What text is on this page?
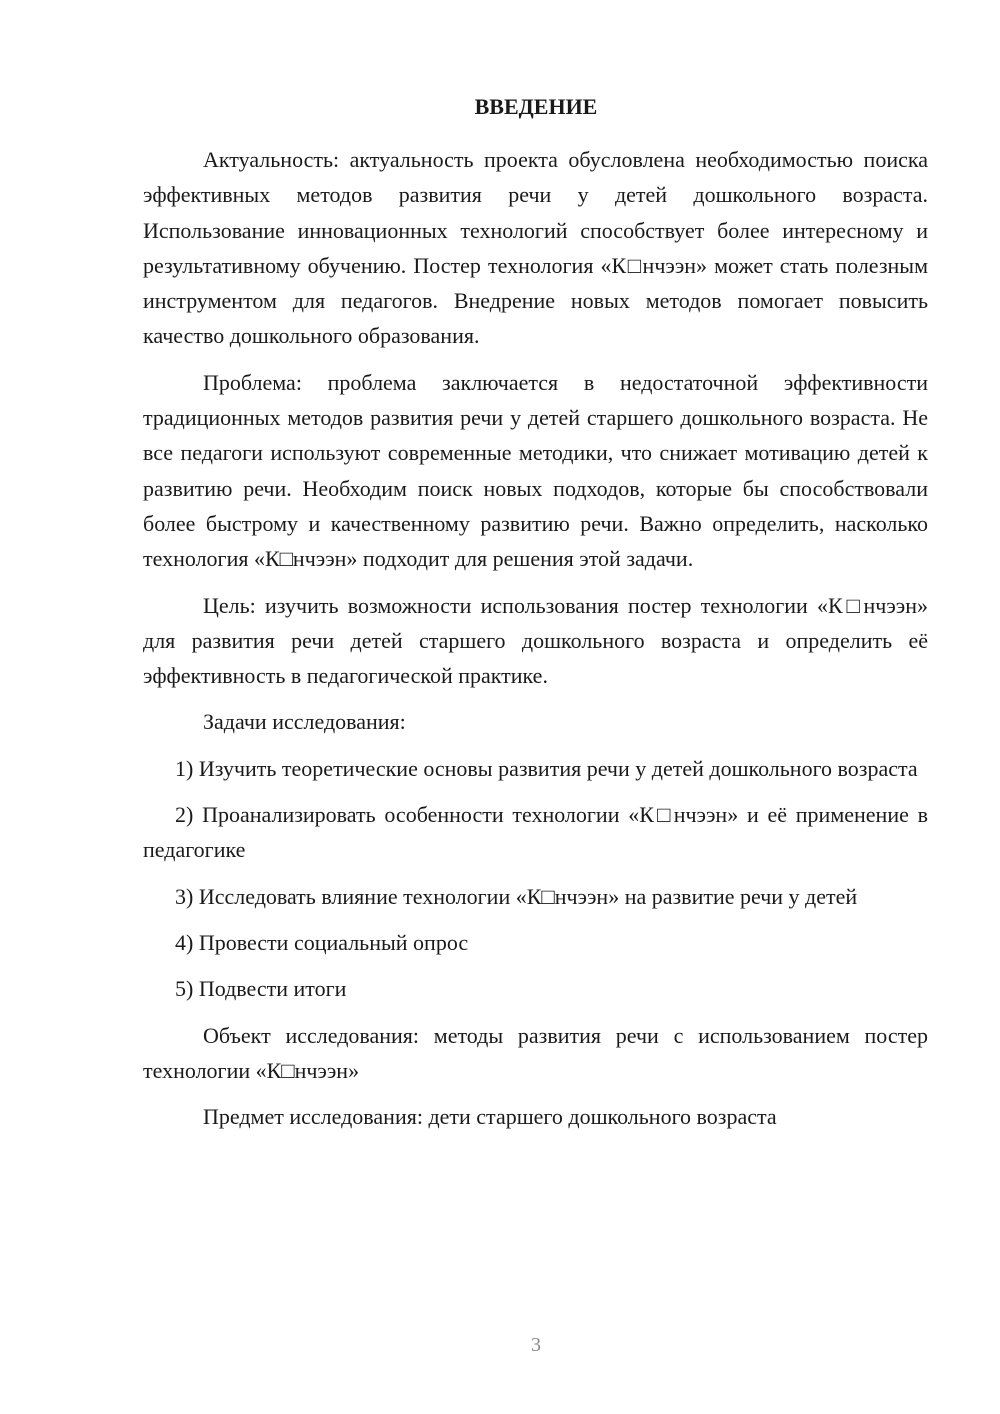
ВВЕДЕНИЕ

Актуальность: актуальность проекта обусловлена необходимостью поиска эффективных методов развития речи у детей дошкольного возраста. Использование инновационных технологий способствует более интересному и результативному обучению. Постер технология «К□нчээн» может стать полезным инструментом для педагогов. Внедрение новых методов помогает повысить качество дошкольного образования.

Проблема: проблема заключается в недостаточной эффективности традиционных методов развития речи у детей старшего дошкольного возраста. Не все педагоги используют современные методики, что снижает мотивацию детей к развитию речи. Необходим поиск новых подходов, которые бы способствовали более быстрому и качественному развитию речи. Важно определить, насколько технология «К□нчээн» подходит для решения этой задачи.

Цель: изучить возможности использования постер технологии «К□нчээн» для развития речи детей старшего дошкольного возраста и определить её эффективность в педагогической практике.

Задачи исследования:

1) Изучить теоретические основы развития речи у детей дошкольного возраста

2) Проанализировать особенности технологии «К□нчээн» и её применение в педагогике

3) Исследовать влияние технологии «К□нчээн» на развитие речи у детей

4) Провести социальный опрос

5) Подвести итоги

Объект исследования: методы развития речи с использованием постер технологии «К□нчээн»

Предмет исследования: дети старшего дошкольного возраста

3
